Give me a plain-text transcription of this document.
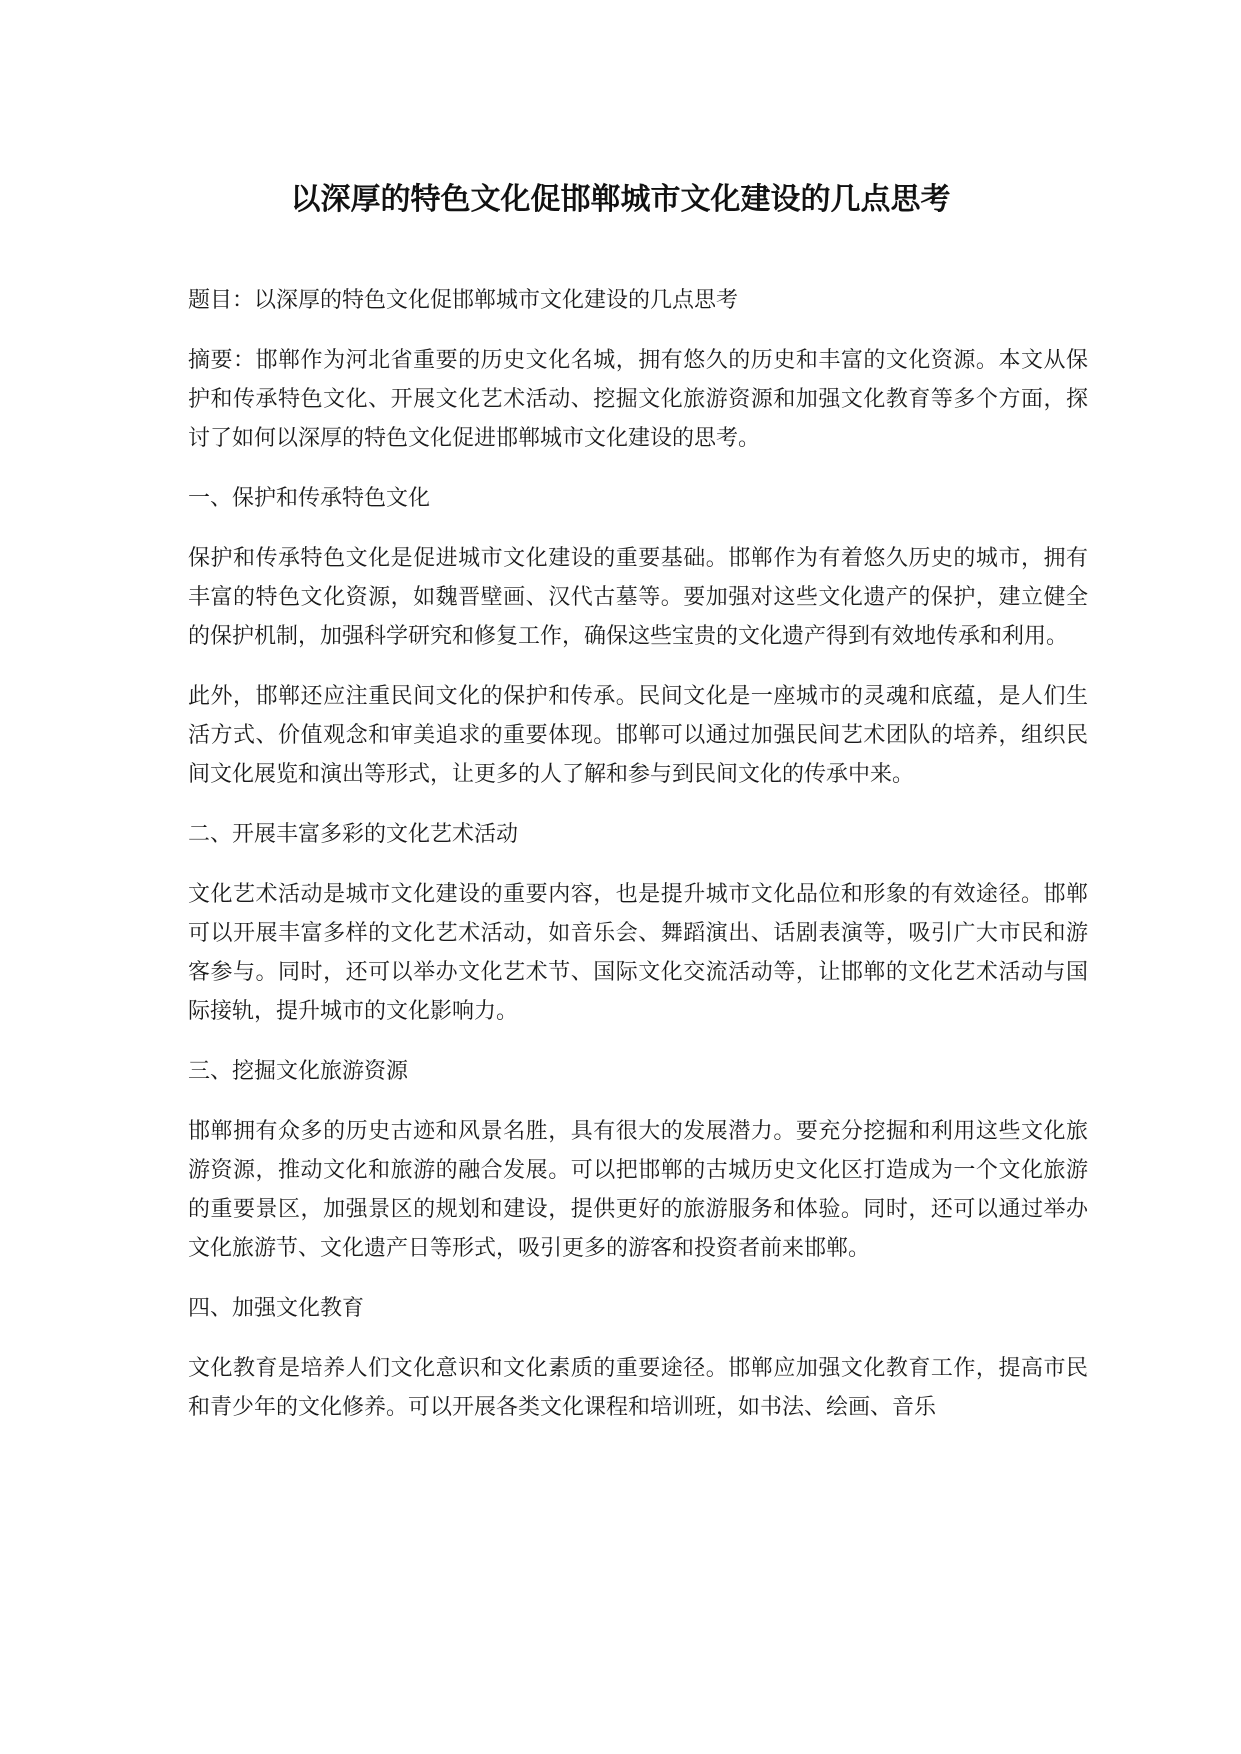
以深厚的特色文化促邯郸城市文化建设的几点思考

题目：以深厚的特色文化促邯郸城市文化建设的几点思考

摘要：邯郸作为河北省重要的历史文化名城，拥有悠久的历史和丰富的文化资源。本文从保护和传承特色文化、开展文化艺术活动、挖掘文化旅游资源和加强文化教育等多个方面，探讨了如何以深厚的特色文化促进邯郸城市文化建设的思考。

一、保护和传承特色文化

保护和传承特色文化是促进城市文化建设的重要基础。邯郸作为有着悠久历史的城市，拥有丰富的特色文化资源，如魏晋壁画、汉代古墓等。要加强对这些文化遗产的保护，建立健全的保护机制，加强科学研究和修复工作，确保这些宝贵的文化遗产得到有效地传承和利用。

此外，邯郸还应注重民间文化的保护和传承。民间文化是一座城市的灵魂和底蕴，是人们生活方式、价值观念和审美追求的重要体现。邯郸可以通过加强民间艺术团队的培养，组织民间文化展览和演出等形式，让更多的人了解和参与到民间文化的传承中来。

二、开展丰富多彩的文化艺术活动

文化艺术活动是城市文化建设的重要内容，也是提升城市文化品位和形象的有效途径。邯郸可以开展丰富多样的文化艺术活动，如音乐会、舞蹈演出、话剧表演等，吸引广大市民和游客参与。同时，还可以举办文化艺术节、国际文化交流活动等，让邯郸的文化艺术活动与国际接轨，提升城市的文化影响力。

三、挖掘文化旅游资源

邯郸拥有众多的历史古迹和风景名胜，具有很大的发展潜力。要充分挖掘和利用这些文化旅游资源，推动文化和旅游的融合发展。可以把邯郸的古城历史文化区打造成为一个文化旅游的重要景区，加强景区的规划和建设，提供更好的旅游服务和体验。同时，还可以通过举办文化旅游节、文化遗产日等形式，吸引更多的游客和投资者前来邯郸。

四、加强文化教育

文化教育是培养人们文化意识和文化素质的重要途径。邯郸应加强文化教育工作，提高市民和青少年的文化修养。可以开展各类文化课程和培训班，如书法、绘画、音乐
